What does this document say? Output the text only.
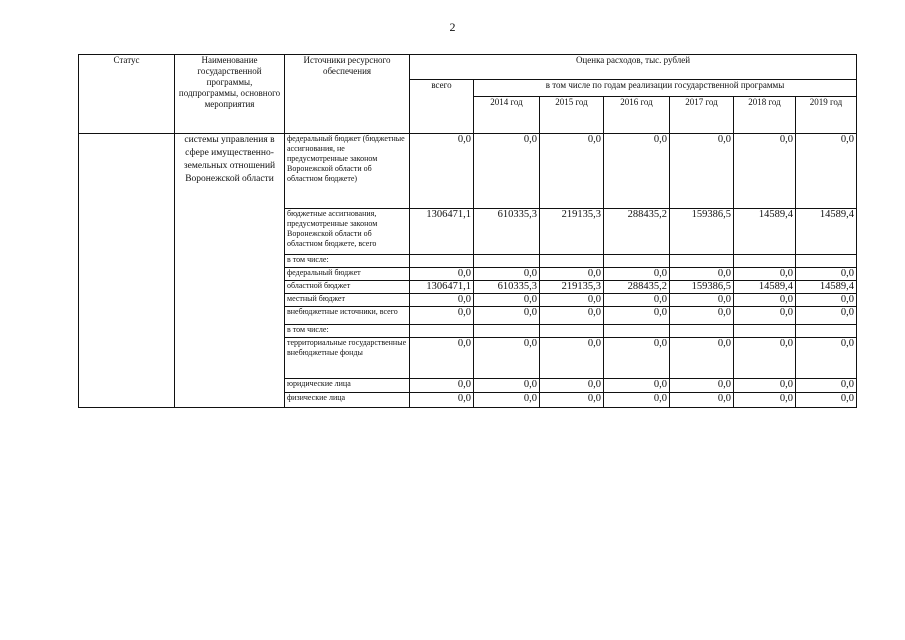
2
Статус	Наименование государственной программы, подпрограммы, основного мероприятия	Источники ресурсного обеспечения	Оценка расходов, тыс. рублей						
			всего	в том числе по годам реализации государственной программы					
				2014 год	2015 год	2016 год	2017 год	2018 год	2019 год
	системы управления в сфере имущественно-земельных отношений Воронежской области	федеральный бюджет (бюджетные ассигнования, не предусмотренные законом Воронежской области об областном бюджете)	0,0	0,0	0,0	0,0	0,0	0,0	0,0
		бюджетные ассигнования, предусмотренные законом Воронежской области об областном бюджете, всего	1306471,1	610335,3	219135,3	288435,2	159386,5	14589,4	14589,4
		в том числе:							
		федеральный бюджет	0,0	0,0	0,0	0,0	0,0	0,0	0,0
		областной бюджет	1306471,1	610335,3	219135,3	288435,2	159386,5	14589,4	14589,4
		местный бюджет	0,0	0,0	0,0	0,0	0,0	0,0	0,0
		внебюджетные источники, всего	0,0	0,0	0,0	0,0	0,0	0,0	0,0
		в том числе:							
		территориальные государственные внебюджетные фонды	0,0	0,0	0,0	0,0	0,0	0,0	0,0
		юридические лица	0,0	0,0	0,0	0,0	0,0	0,0	0,0
		физические лица	0,0	0,0	0,0	0,0	0,0	0,0	0,0
